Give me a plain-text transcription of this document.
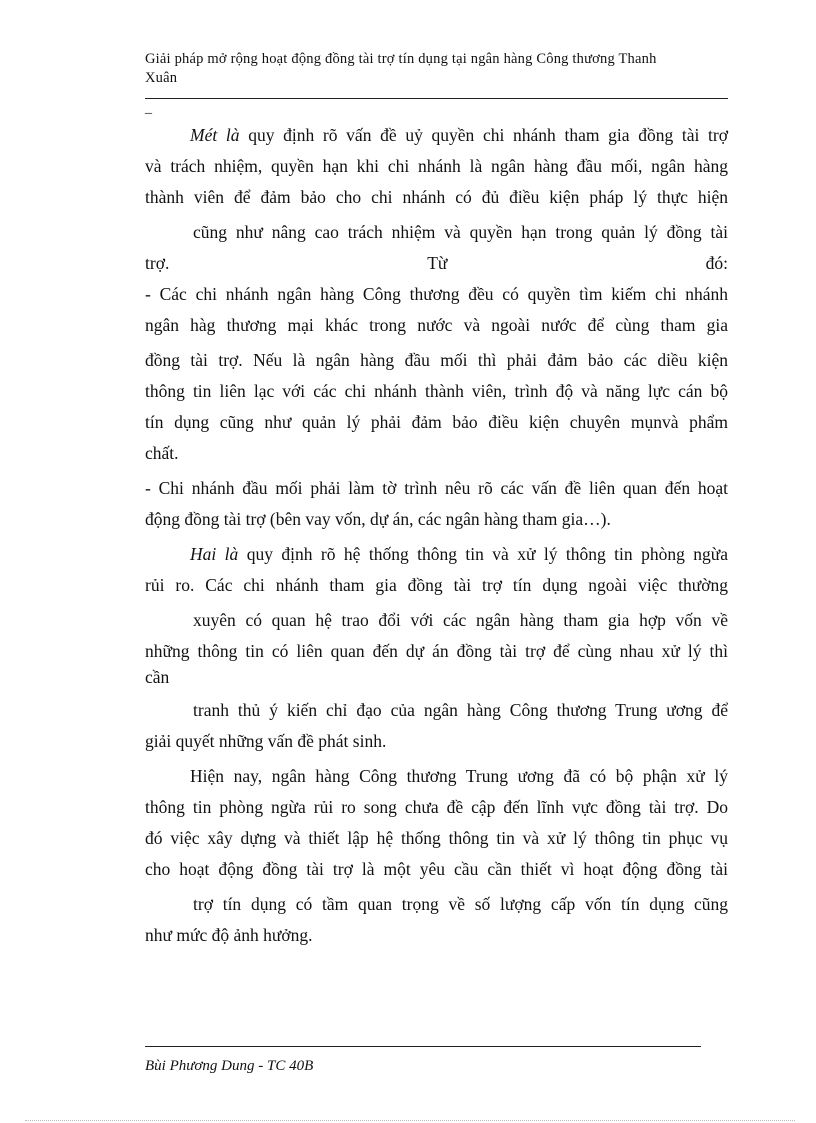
Giải pháp mở rộng hoạt động đồng tài trợ tín dụng tại ngân hàng Công thương Thanh
Xuân
_
Mét là quy định rõ vấn đề uỷ quyền chi nhánh tham gia đồng tài trợ
và trách nhiệm, quyền hạn khi chi nhánh là ngân hàng đầu mối, ngân hàng
thành viên để đảm bảo cho chi nhánh có đủ điều kiện pháp lý thực hiện
cũng như nâng cao trách nhiệm và quyền hạn trong quản lý đồng tài
trợ.	Từ	đó:
- Các chi nhánh ngân hàng Công thương đều có quyền tìm kiếm chi nhánh
ngân hàg thương mại khác trong nước và ngoài nước để cùng tham gia
đồng tài trợ. Nếu là ngân hàng đầu mối thì phải đảm bảo các diều kiện
thông tin liên lạc với các chi nhánh thành viên, trình độ và năng lực cán bộ
tín dụng cũng như quản lý phải đảm bảo điều kiện chuyên mụnvà phẩm
chất.
- Chi nhánh đầu mối phải làm tờ trình nêu rõ các vấn đề liên quan đến hoạt
động đồng tài trợ (bên vay vốn, dự án, các ngân hàng tham gia…).
Hai là quy định rõ hệ thống thông tin và xử lý thông tin phòng ngừa
rủi ro. Các chi nhánh tham gia đồng tài trợ tín dụng ngoài việc thường
xuyên có quan hệ trao đổi với các ngân hàng tham gia hợp vốn về
những thông tin có liên quan đến dự án đồng tài trợ để cùng nhau xử lý thì
cần
tranh thủ ý kiến chỉ đạo của ngân hàng Công thương Trung ương để
giải quyết những vấn đề phát sinh.
Hiện nay, ngân hàng Công thương Trung ương đã có bộ phận xử lý
thông tin phòng ngừa rủi ro song chưa đề cập đến lĩnh vực đồng tài trợ. Do
đó việc xây dựng và thiết lập hệ thống thông tin và xử lý thông tin phục vụ
cho hoạt động đồng tài trợ là một yêu cầu cần thiết vì hoạt động đồng tài
trợ tín dụng có tầm quan trọng về số lượng cấp vốn tín dụng cũng
như mức độ ảnh hưởng.
Bùi Phương Dung - TC 40B
